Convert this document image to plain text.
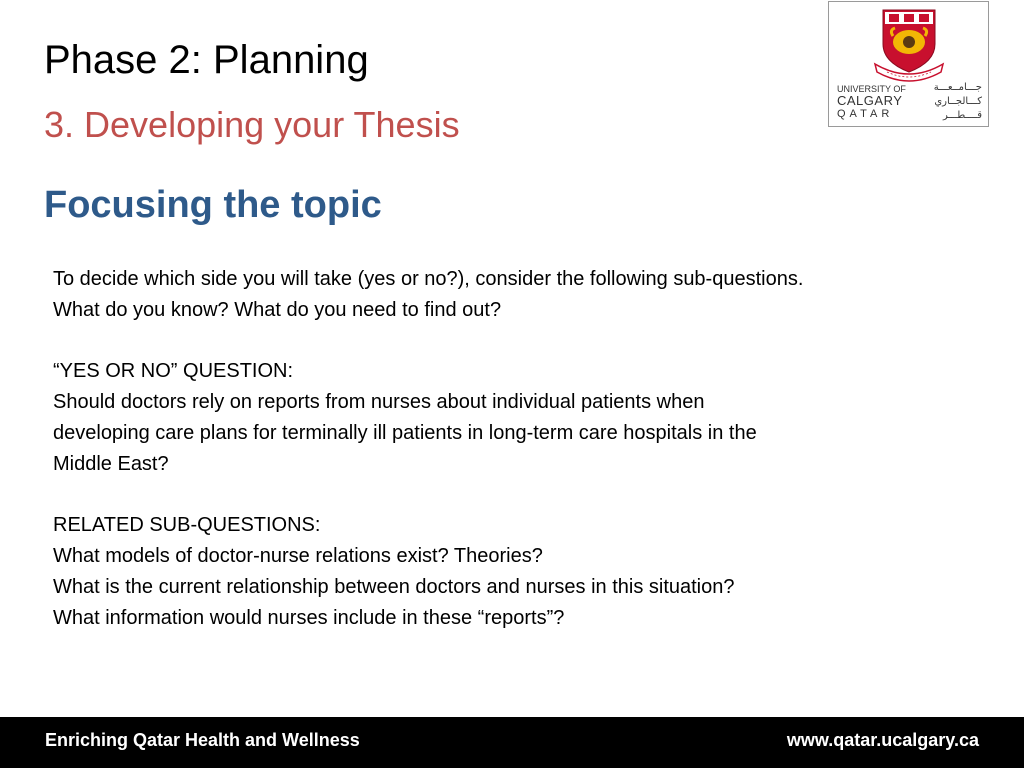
Phase 2: Planning
3. Developing your Thesis
Focusing the topic
UNIVERSITY OF
CALGARY
QATAR
جـــامــعـــة
كـــالجــاري
قــــطـــر

To decide which side you will take (yes or no?), consider the following sub-questions.

What do you know? What do you need to find out?

“YES OR NO” QUESTION:

Should doctors rely on reports from nurses about individual patients when

developing care plans for terminally ill patients in long-term care hospitals in the

Middle East?

RELATED SUB-QUESTIONS:

What models of doctor-nurse relations exist? Theories?

What is the current relationship between doctors and nurses in this situation?

What information would nurses include in these “reports”?

Enriching Qatar Health and Wellness	www.qatar.ucalgary.ca
